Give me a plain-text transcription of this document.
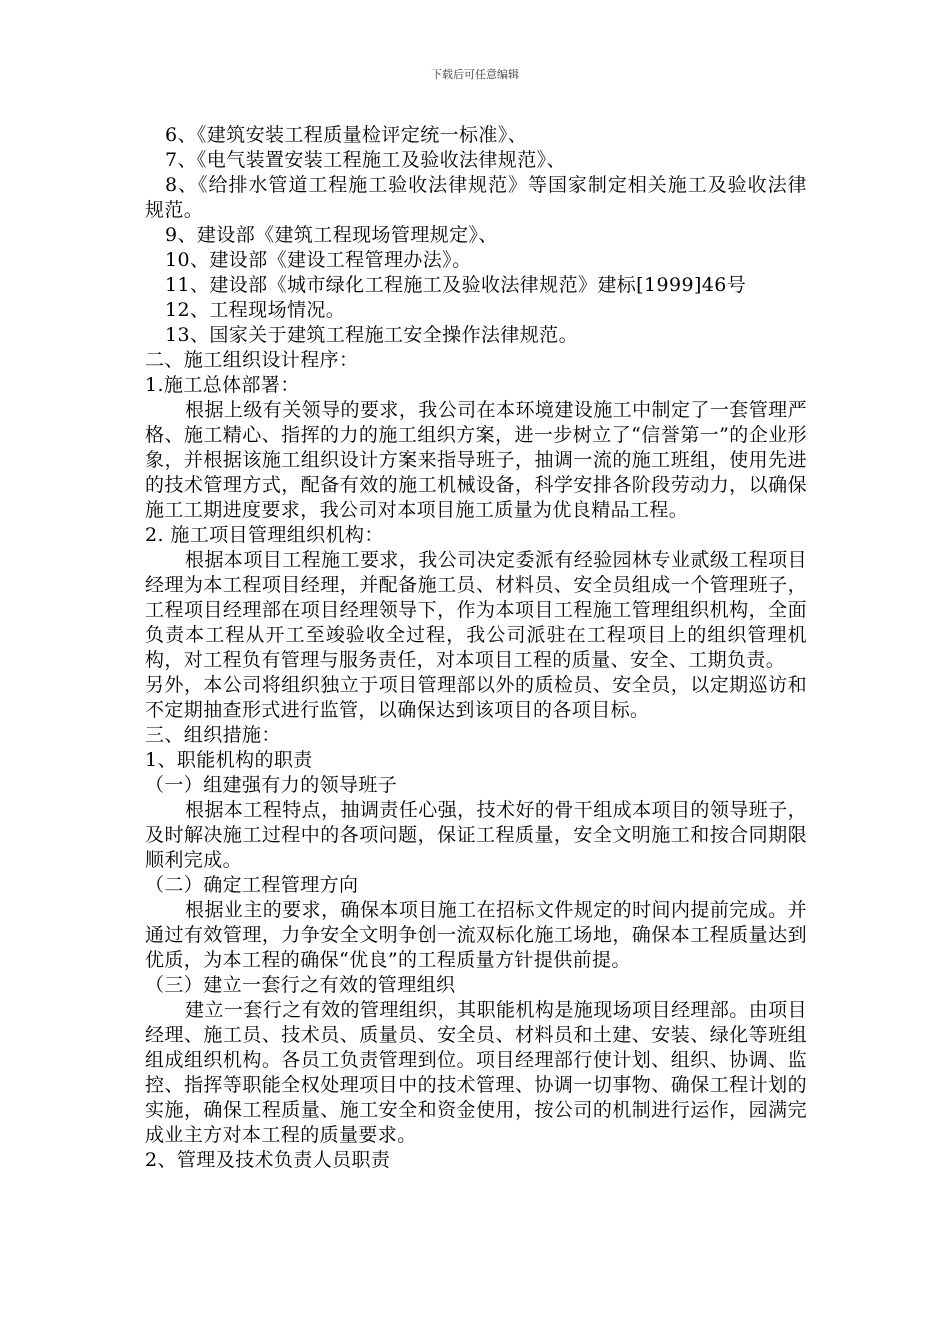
下载后可任意编辑

6、《建筑安装工程质量检评定统一标准》、

7、《电气装置安装工程施工及验收法律规范》、

8、《给排水管道工程施工验收法律规范》等国家制定相关施工及验收法律规范。

9、建设部《建筑工程现场管理规定》、

10、建设部《建设工程管理办法》。

11、建设部《城市绿化工程施工及验收法律规范》建标[1999]46号

12、工程现场情况。

13、国家关于建筑工程施工安全操作法律规范。

二、施工组织设计程序：

1.施工总体部署：

根据上级有关领导的要求，我公司在本环境建设施工中制定了一套管理严格、施工精心、指挥的力的施工组织方案，进一步树立了“信誉第一”的企业形象，并根据该施工组织设计方案来指导班子，抽调一流的施工班组，使用先进的技术管理方式，配备有效的施工机械设备，科学安排各阶段劳动力，以确保施工工期进度要求，我公司对本项目施工质量为优良精品工程。

2. 施工项目管理组织机构：

根据本项目工程施工要求，我公司决定委派有经验园林专业贰级工程项目经理为本工程项目经理，并配备施工员、材料员、安全员组成一个管理班子，工程项目经理部在项目经理领导下，作为本项目工程施工管理组织机构，全面负责本工程从开工至竣验收全过程，我公司派驻在工程项目上的组织管理机构，对工程负有管理与服务责任，对本项目工程的质量、安全、工期负责。

另外，本公司将组织独立于项目管理部以外的质检员、安全员，以定期巡访和不定期抽查形式进行监管，以确保达到该项目的各项目标。

三、组织措施：

1、职能机构的职责

（一）组建强有力的领导班子

根据本工程特点，抽调责任心强，技术好的骨干组成本项目的领导班子，及时解决施工过程中的各项问题，保证工程质量，安全文明施工和按合同期限顺利完成。

（二）确定工程管理方向

根据业主的要求，确保本项目施工在招标文件规定的时间内提前完成。并通过有效管理，力争安全文明争创一流双标化施工场地，确保本工程质量达到优质，为本工程的确保“优良”的工程质量方针提供前提。

（三）建立一套行之有效的管理组织

建立一套行之有效的管理组织，其职能机构是施现场项目经理部。由项目经理、施工员、技术员、质量员、安全员、材料员和土建、安装、绿化等班组组成组织机构。各员工负责管理到位。项目经理部行使计划、组织、协调、监控、指挥等职能全权处理项目中的技术管理、协调一切事物、确保工程计划的实施，确保工程质量、施工安全和资金使用，按公司的机制进行运作，园满完成业主方对本工程的质量要求。

2、管理及技术负责人员职责
